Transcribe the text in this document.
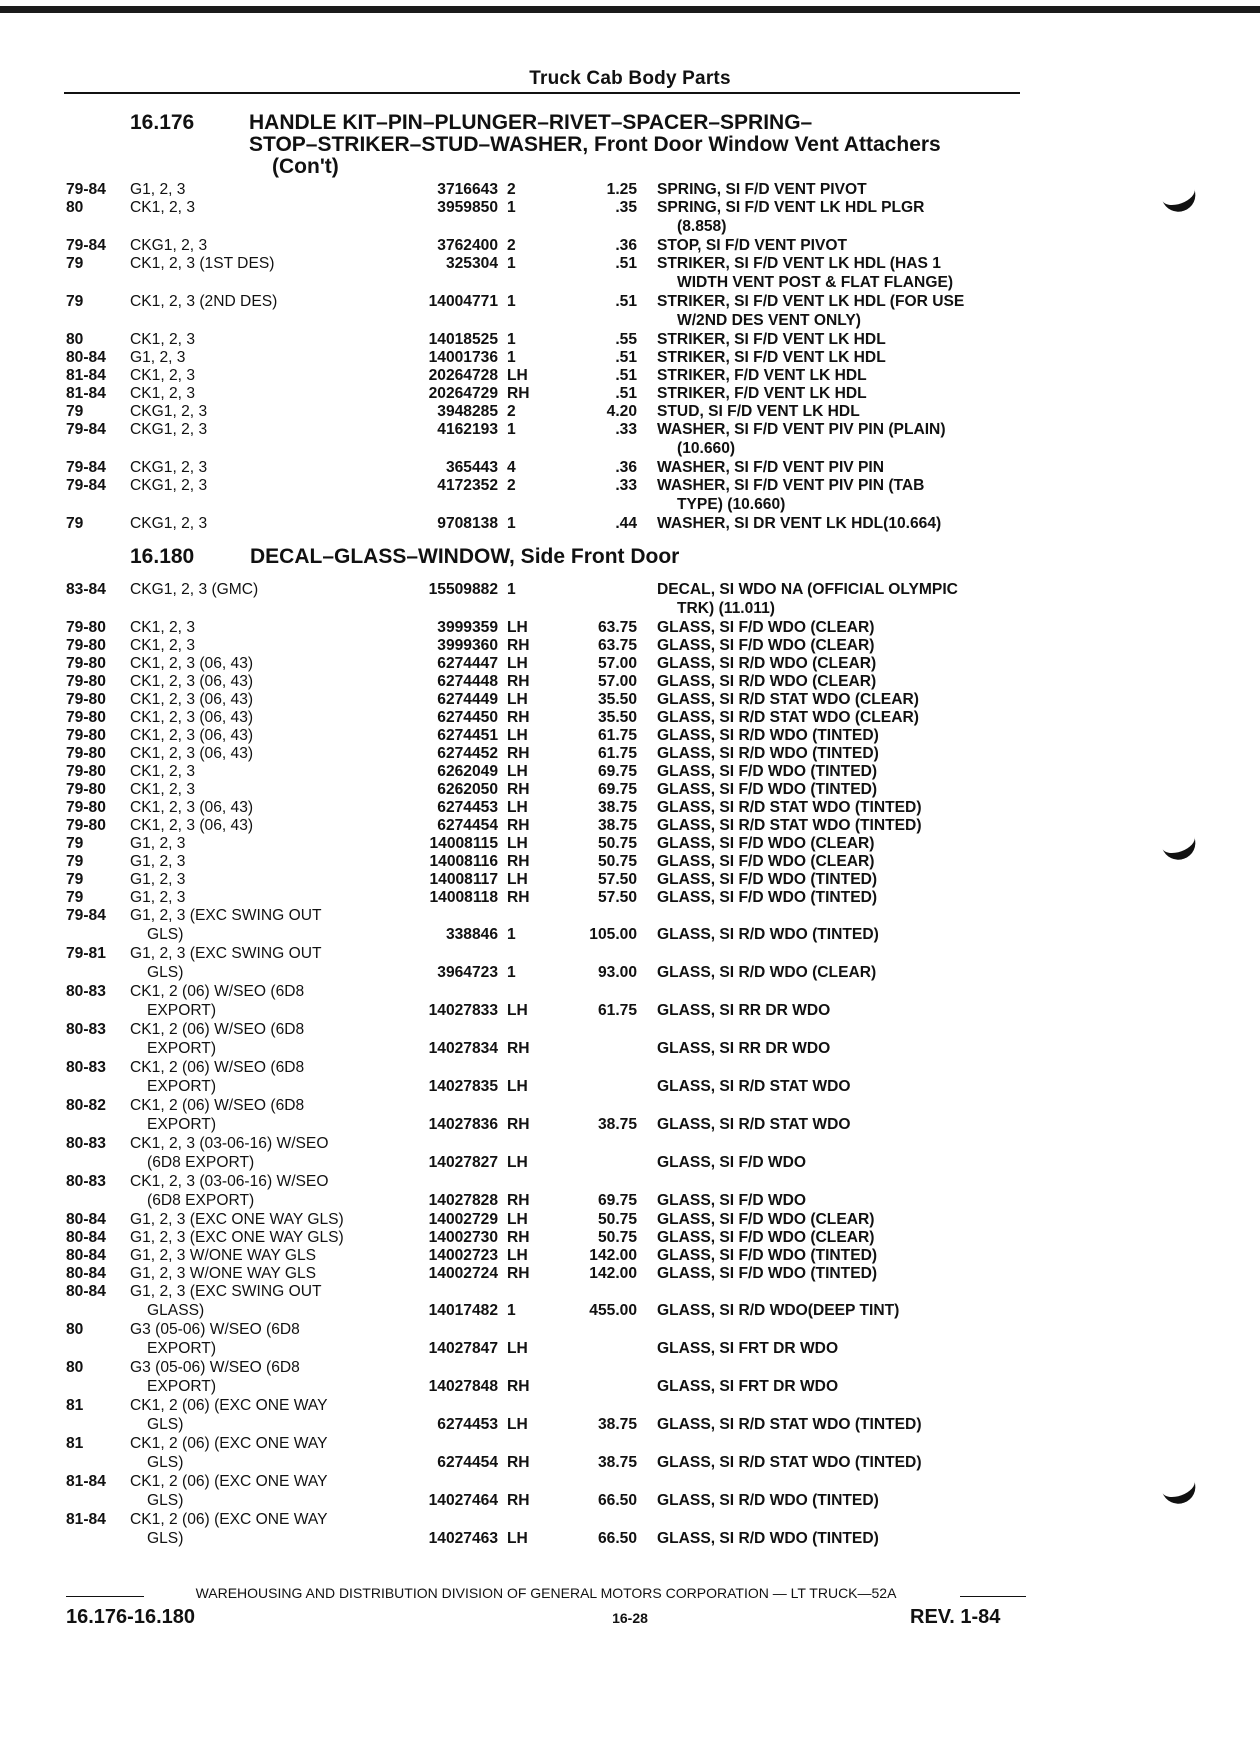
Truck Cab Body Parts
16.176	HANDLE KIT–PIN–PLUNGER–RIVET–SPACER–SPRING–
STOP–STRIKER–STUD–WASHER, Front Door Window Vent Attachers
(Con't)
79-84 G1, 2, 3	3716643 2	1.25 SPRING, SI F/D VENT PIVOT
80	CK1, 2, 3	3959850 1	.35 SPRING, SI F/D VENT LK HDL PLGR
(8.858)
79-84 CKG1, 2, 3	3762400 2	.36 STOP, SI F/D VENT PIVOT
79	CK1, 2, 3 (1ST DES)	325304 1	.51 STRIKER, SI F/D VENT LK HDL (HAS 1
WIDTH VENT POST & FLAT FLANGE)
79	CK1, 2, 3 (2ND DES)	14004771 1	.51 STRIKER, SI F/D VENT LK HDL (FOR USE
W/2ND DES VENT ONLY)
80	CK1, 2, 3	14018525 1	.55 STRIKER, SI F/D VENT LK HDL
80-84 G1, 2, 3	14001736 1	.51 STRIKER, SI F/D VENT LK HDL
81-84 CK1, 2, 3	20264728 LH	.51 STRIKER, F/D VENT LK HDL
81-84 CK1, 2, 3	20264729 RH	.51 STRIKER, F/D VENT LK HDL
79	CKG1, 2, 3	3948285 2	4.20 STUD, SI F/D VENT LK HDL
79-84 CKG1, 2, 3	4162193 1	.33 WASHER, SI F/D VENT PIV PIN (PLAIN)
(10.660)
79-84 CKG1, 2, 3	365443 4	.36 WASHER, SI F/D VENT PIV PIN
79-84 CKG1, 2, 3	4172352 2	.33 WASHER, SI F/D VENT PIV PIN (TAB
TYPE) (10.660)
79	CKG1, 2, 3	9708138 1	.44 WASHER, SI DR VENT LK HDL(10.664)
16.180	DECAL–GLASS–WINDOW, Side Front Door
83-84 CKG1, 2, 3 (GMC)	15509882 1	DECAL, SI WDO NA (OFFICIAL OLYMPIC
TRK) (11.011)
79-80 CK1, 2, 3	3999359 LH	63.75 GLASS, SI F/D WDO (CLEAR)
79-80 CK1, 2, 3	3999360 RH	63.75 GLASS, SI F/D WDO (CLEAR)
79-80 CK1, 2, 3 (06, 43)	6274447 LH	57.00 GLASS, SI R/D WDO (CLEAR)
79-80 CK1, 2, 3 (06, 43)	6274448 RH	57.00 GLASS, SI R/D WDO (CLEAR)
79-80 CK1, 2, 3 (06, 43)	6274449 LH	35.50 GLASS, SI R/D STAT WDO (CLEAR)
79-80 CK1, 2, 3 (06, 43)	6274450 RH	35.50 GLASS, SI R/D STAT WDO (CLEAR)
79-80 CK1, 2, 3 (06, 43)	6274451 LH	61.75 GLASS, SI R/D WDO (TINTED)
79-80 CK1, 2, 3 (06, 43)	6274452 RH	61.75 GLASS, SI R/D WDO (TINTED)
79-80 CK1, 2, 3	6262049 LH	69.75 GLASS, SI F/D WDO (TINTED)
79-80 CK1, 2, 3	6262050 RH	69.75 GLASS, SI F/D WDO (TINTED)
79-80 CK1, 2, 3 (06, 43)	6274453 LH	38.75 GLASS, SI R/D STAT WDO (TINTED)
79-80 CK1, 2, 3 (06, 43)	6274454 RH	38.75 GLASS, SI R/D STAT WDO (TINTED)
79	G1, 2, 3	14008115 LH	50.75 GLASS, SI F/D WDO (CLEAR)
79	G1, 2, 3	14008116 RH	50.75 GLASS, SI F/D WDO (CLEAR)
79	G1, 2, 3	14008117 LH	57.50 GLASS, SI F/D WDO (TINTED)
79	G1, 2, 3	14008118 RH	57.50 GLASS, SI F/D WDO (TINTED)
79-84 G1, 2, 3 (EXC SWING OUT
GLS)	338846 1	105.00 GLASS, SI R/D WDO (TINTED)
79-81 G1, 2, 3 (EXC SWING OUT
GLS)	3964723 1	93.00 GLASS, SI R/D WDO (CLEAR)
80-83 CK1, 2 (06) W/SEO (6D8
EXPORT)	14027833 LH	61.75 GLASS, SI RR DR WDO
80-83 CK1, 2 (06) W/SEO (6D8
EXPORT)	14027834 RH	GLASS, SI RR DR WDO
80-83 CK1, 2 (06) W/SEO (6D8
EXPORT)	14027835 LH	GLASS, SI R/D STAT WDO
80-82 CK1, 2 (06) W/SEO (6D8
EXPORT)	14027836 RH	38.75 GLASS, SI R/D STAT WDO
80-83 CK1, 2, 3 (03-06-16) W/SEO
(6D8 EXPORT)	14027827 LH	GLASS, SI F/D WDO
80-83 CK1, 2, 3 (03-06-16) W/SEO
(6D8 EXPORT)	14027828 RH	69.75 GLASS, SI F/D WDO
80-84 G1, 2, 3 (EXC ONE WAY GLS)	14002729 LH	50.75 GLASS, SI F/D WDO (CLEAR)
80-84 G1, 2, 3 (EXC ONE WAY GLS)	14002730 RH	50.75 GLASS, SI F/D WDO (CLEAR)
80-84 G1, 2, 3 W/ONE WAY GLS	14002723 LH	142.00 GLASS, SI F/D WDO (TINTED)
80-84 G1, 2, 3 W/ONE WAY GLS	14002724 RH	142.00 GLASS, SI F/D WDO (TINTED)
80-84 G1, 2, 3 (EXC SWING OUT
GLASS)	14017482 1	455.00 GLASS, SI R/D WDO(DEEP TINT)
80	G3 (05-06) W/SEO (6D8
EXPORT)	14027847 LH	GLASS, SI FRT DR WDO
80	G3 (05-06) W/SEO (6D8
EXPORT)	14027848 RH	GLASS, SI FRT DR WDO
81	CK1, 2 (06) (EXC ONE WAY
GLS)	6274453 LH	38.75 GLASS, SI R/D STAT WDO (TINTED)
81	CK1, 2 (06) (EXC ONE WAY
GLS)	6274454 RH	38.75 GLASS, SI R/D STAT WDO (TINTED)
81-84 CK1, 2 (06) (EXC ONE WAY
GLS)	14027464 RH	66.50 GLASS, SI R/D WDO (TINTED)
81-84 CK1, 2 (06) (EXC ONE WAY
GLS)	14027463 LH	66.50 GLASS, SI R/D WDO (TINTED)
WAREHOUSING AND DISTRIBUTION DIVISION OF GENERAL MOTORS CORPORATION — LT TRUCK—52A
16.176-16.180	16-28	REV. 1-84
